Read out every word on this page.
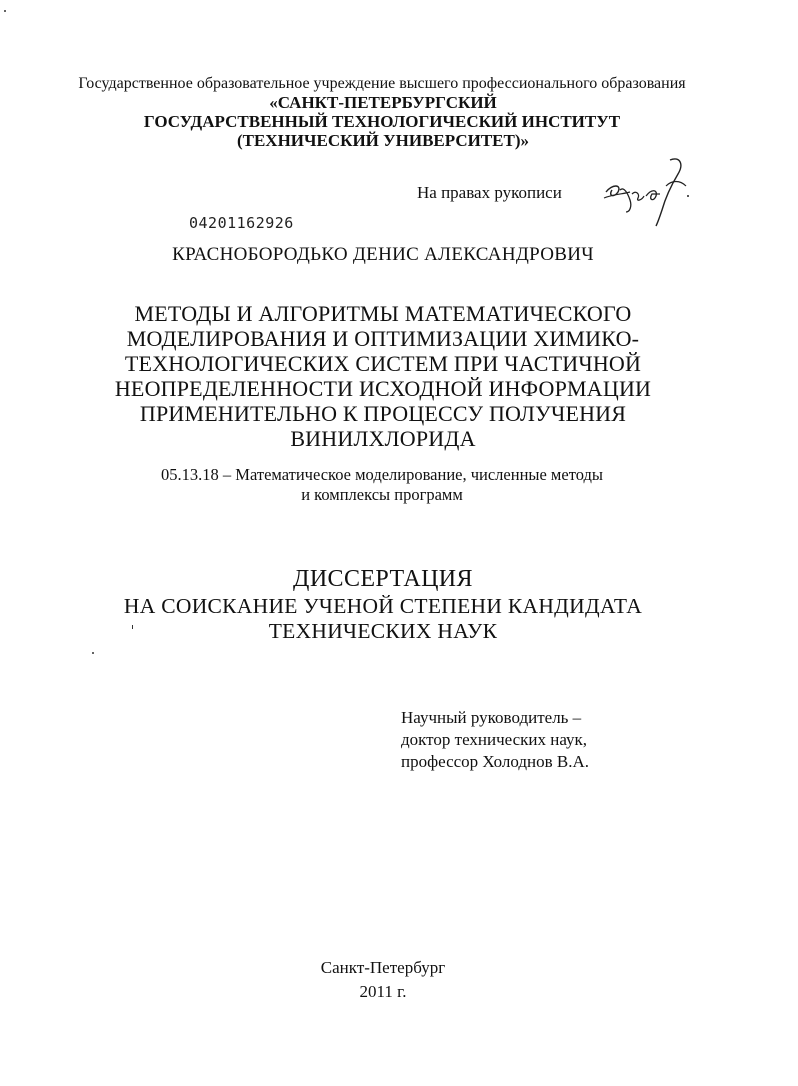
Государственное образовательное учреждение высшего профессионального образования
«САНКТ-ПЕТЕРБУРГСКИЙ
ГОСУДАРСТВЕННЫЙ ТЕХНОЛОГИЧЕСКИЙ ИНСТИТУТ
(ТЕХНИЧЕСКИЙ УНИВЕРСИТЕТ)»
На правах рукописи
04201162926
КРАСНОБОРОДЬКО ДЕНИС АЛЕКСАНДРОВИЧ
МЕТОДЫ И АЛГОРИТМЫ МАТЕМАТИЧЕСКОГО
МОДЕЛИРОВАНИЯ И ОПТИМИЗАЦИИ ХИМИКО-
ТЕХНОЛОГИЧЕСКИХ СИСТЕМ ПРИ ЧАСТИЧНОЙ
НЕОПРЕДЕЛЕННОСТИ ИСХОДНОЙ ИНФОРМАЦИИ
ПРИМЕНИТЕЛЬНО К ПРОЦЕССУ ПОЛУЧЕНИЯ
ВИНИЛХЛОРИДА
05.13.18 – Математическое моделирование, численные методы
и комплексы программ
ДИССЕРТАЦИЯ
НА СОИСКАНИЕ УЧЕНОЙ СТЕПЕНИ КАНДИДАТА
ТЕХНИЧЕСКИХ НАУК
Научный руководитель –
доктор технических наук,
профессор Холоднов В.А.
Санкт-Петербург
2011 г.
